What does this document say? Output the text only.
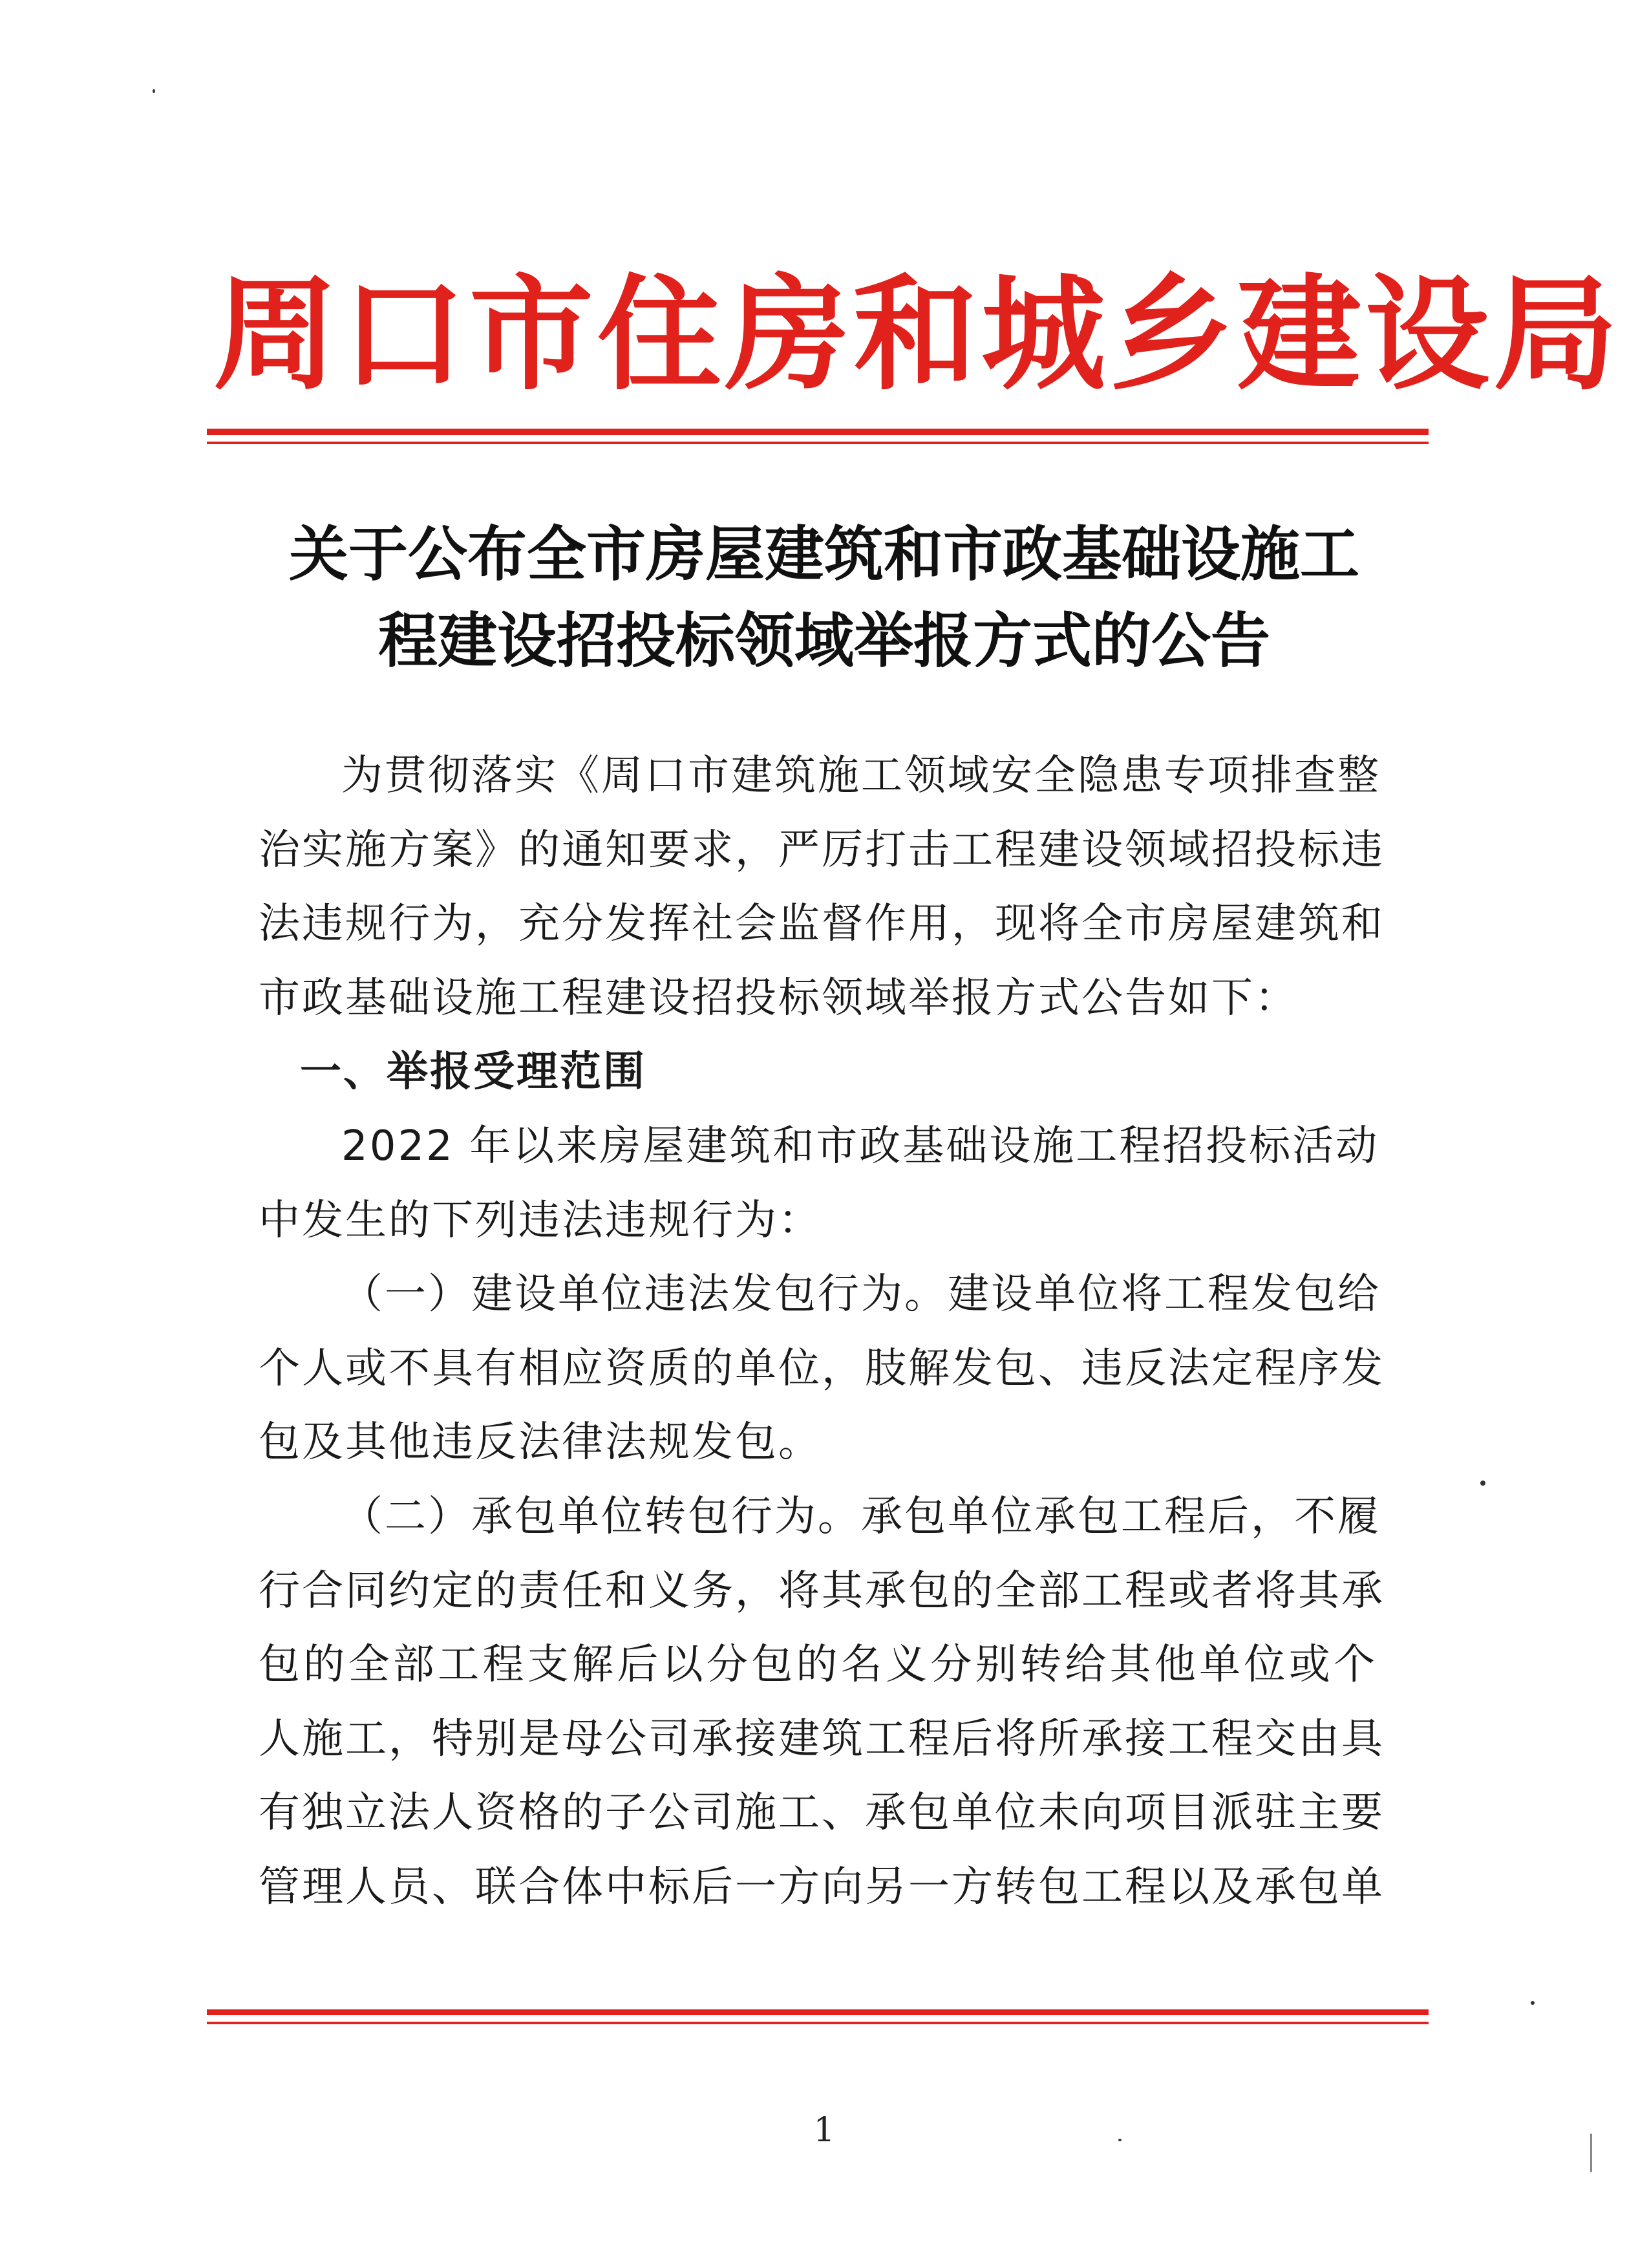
周口市住房和城乡建设局
关于公布全市房屋建筑和市政基础设施工
程建设招投标领域举报方式的公告
为贯彻落实《周口市建筑施工领域安全隐患专项排查整
治实施方案》的通知要求，严厉打击工程建设领域招投标违
法违规行为，充分发挥社会监督作用，现将全市房屋建筑和
市政基础设施工程建设招投标领域举报方式公告如下：
一、举报受理范围
2022 年以来房屋建筑和市政基础设施工程招投标活动
中发生的下列违法违规行为：
（一）建设单位违法发包行为。建设单位将工程发包给
个人或不具有相应资质的单位，肢解发包、违反法定程序发
包及其他违反法律法规发包。
（二）承包单位转包行为。承包单位承包工程后，不履
行合同约定的责任和义务，将其承包的全部工程或者将其承
包的全部工程支解后以分包的名义分别转给其他单位或个
人施工，特别是母公司承接建筑工程后将所承接工程交由具
有独立法人资格的子公司施工、承包单位未向项目派驻主要
管理人员、联合体中标后一方向另一方转包工程以及承包单
1
